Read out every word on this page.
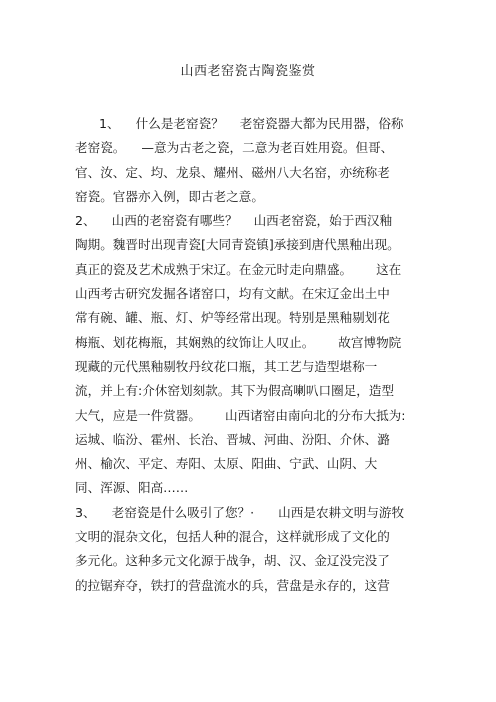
山西老窑瓷古陶瓷鉴赏
1、    什么是老窑瓷？    老窑瓷器大都为民用器，俗称
老窑瓷。    —意为古老之瓷，二意为老百姓用瓷。但哥、
官、汝、定、均、龙泉、耀州、磁州八大名窑，亦统称老
窑瓷。官器亦入例，即古老之意。
2、    山西的老窑瓷有哪些？    山西老窑瓷，始于西汉釉
陶期。魏晋时出现青瓷[大同青瓷镇]承接到唐代黑釉出现。
真正的瓷及艺术成熟于宋辽。在金元时走向鼎盛。      这在
山西考古研究发掘各诸窑口，均有文献。在宋辽金出土中
常有碗、罐、瓶、灯、炉等经常出现。特别是黑釉剔划花
梅瓶、划花梅瓶，其娴熟的纹饰让人叹止。      故宫博物院
现藏的元代黑釉剔牧丹纹花口瓶，其工艺与造型堪称一
流，并上有:介休窑划刻款。其下为假高喇叭口圈足，造型
大气，应是一件赏器。      山西诸窑由南向北的分布大抵为:
运城、临汾、霍州、长治、晋城、河曲、汾阳、介休、潞
州、榆次、平定、寿阳、太原、阳曲、宁武、山阴、大
同、浑源、阳高……
3、    老窑瓷是什么吸引了您？·      山西是农耕文明与游牧
文明的混杂文化，包括人种的混合，这样就形成了文化的
多元化。这种多元文化源于战争，胡、汉、金辽没完没了
的拉锯弃夺，铁打的营盘流水的兵，营盘是永存的，这营
